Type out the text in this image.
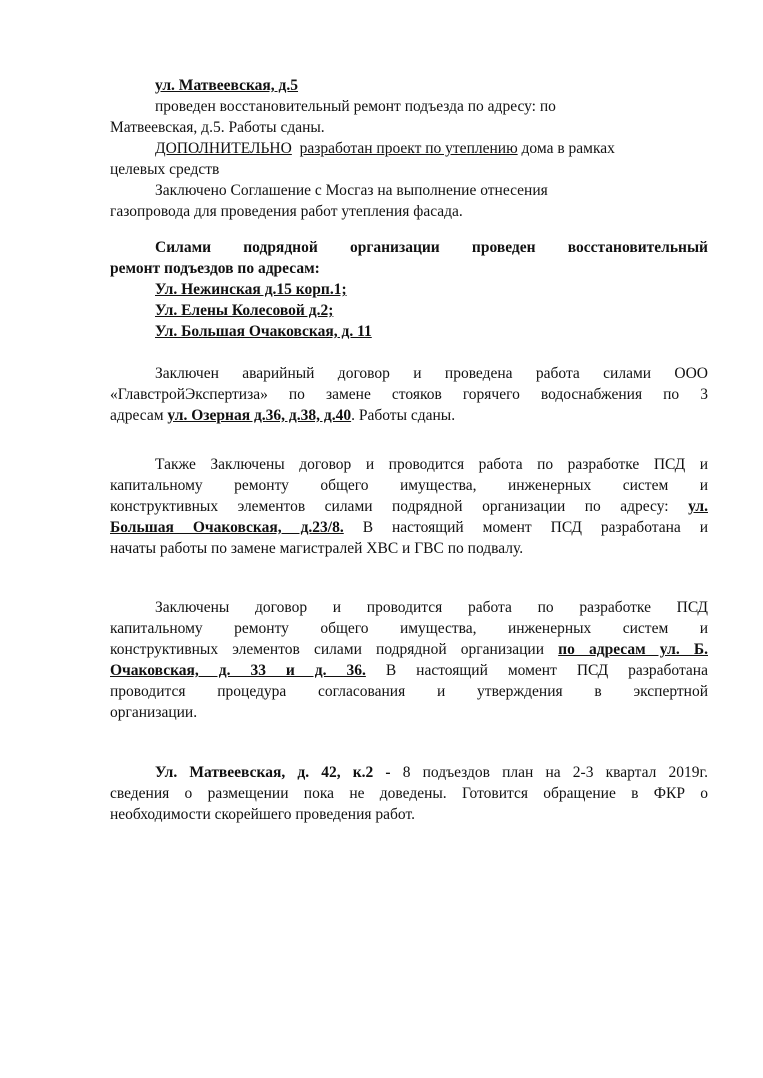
ул. Матвеевская, д.5
проведен восстановительный ремонт подъезда по адресу: по
Матвеевская, д.5. Работы сданы.
ДОПОЛНИТЕЛЬНО разработан проект по утеплению дома в рамках
целевых средств
Заключено Соглашение с Мосгаз на выполнение отнесения
газопровода для проведения работ утепления фасада.
Силами подрядной организации проведен восстановительный
ремонт подъездов по адресам:
Ул. Нежинская д.15 корп.1;
Ул. Елены Колесовой д.2;
Ул. Большая Очаковская, д. 11
Заключен аварийный договор и проведена работа силами ООО
«ГлавстройЭкспертиза» по замене стояков горячего водоснабжения по 3
адресам ул. Озерная д.36, д.38, д.40. Работы сданы.
Также Заключены договор и проводится работа по разработке ПСД и
капитальному ремонту общего имущества, инженерных систем и
конструктивных элементов силами подрядной организации по адресу: ул.
Большая Очаковская, д.23/8. В настоящий момент ПСД разработана и
начаты работы по замене магистралей ХВС и ГВС по подвалу.
Заключены договор и проводится работа по разработке ПСД
капитальному ремонту общего имущества, инженерных систем и
конструктивных элементов силами подрядной организации по адресам ул. Б.
Очаковская, д. 33 и д. 36. В настоящий момент ПСД разработана
проводится процедура согласования и утверждения в экспертной
организации.
Ул. Матвеевская, д. 42, к.2 - 8 подъездов план на 2-3 квартал 2019г.
сведения о размещении пока не доведены. Готовится обращение в ФКР о
необходимости скорейшего проведения работ.
